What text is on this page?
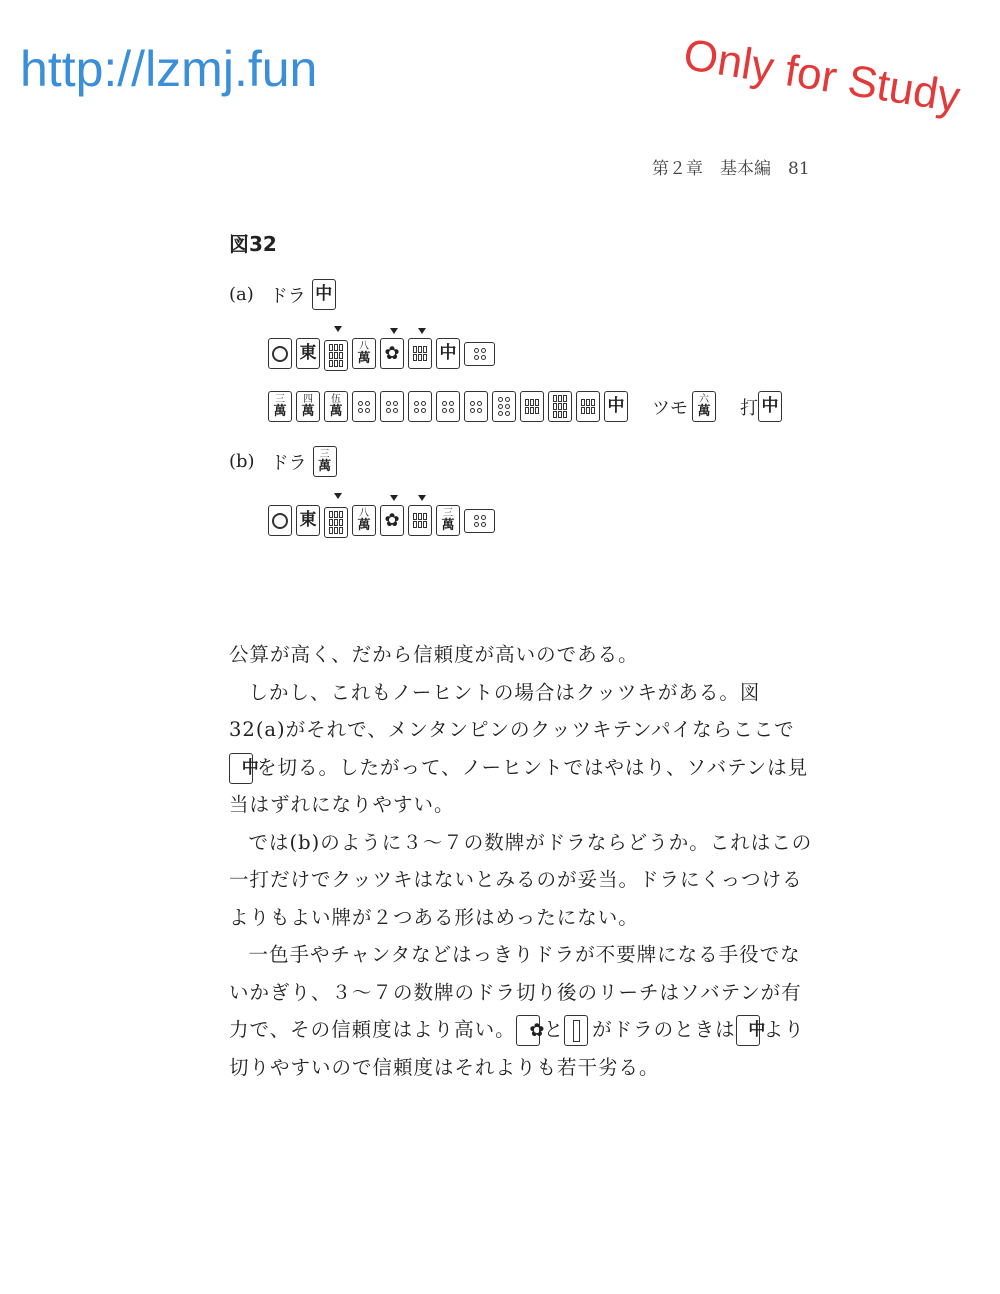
http://lzmj.fun	Only for Study
第２章　基本編　81
図32
(a) ドラ 中
東	八
萬 ✿ 中
三
萬
四
萬
伍
萬	中 ツモ 六
萬 打 中
(b) ドラ 三
萬
東	八
萬 ✿	三
萬

公算が高く、だから信頼度が高いのである。

しかし、これもノーヒントの場合はクッツキがある。図32(a)がそれで、メンタンピンのクッツキテンパイならここで
中
を切る。したがって、ノーヒントではやはり、ソバテンは見当はずれになりやすい。

では(b)のように３～７の数牌がドラならどうか。これはこの一打だけでクッツキはないとみるのが妥当。ドラにくっつけるよりもよい牌が２つある形はめったにない。

一色手やチャンタなどはっきりドラが不要牌になる手役でないかぎり、３～７の数牌のドラ切り後のリーチはソバテンが有力で、その信頼度はより高い。 ✿
と がドラのときは 中
より切りやすいので信頼度はそれよりも若干劣る。
